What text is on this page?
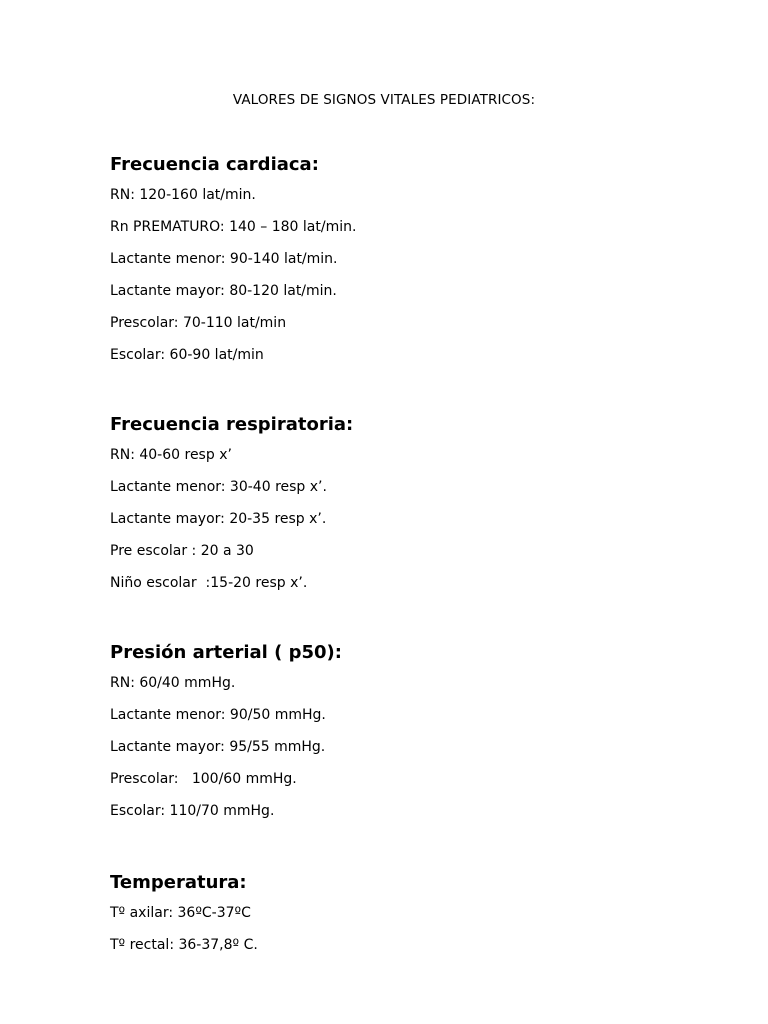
VALORES DE SIGNOS VITALES PEDIATRICOS:
Frecuencia cardiaca:
RN: 120-160 lat/min.
Rn PREMATURO: 140 – 180 lat/min.
Lactante menor: 90-140 lat/min.
Lactante mayor: 80-120 lat/min.
Prescolar: 70-110 lat/min
Escolar: 60-90 lat/min
Frecuencia respiratoria:
RN: 40-60 resp x’
Lactante menor: 30-40 resp x’.
Lactante mayor: 20-35 resp x’.
Pre escolar : 20 a 30
Niño escolar  :15-20 resp x’.
Presión arterial ( p50):
RN: 60/40 mmHg.
Lactante menor: 90/50 mmHg.
Lactante mayor: 95/55 mmHg.
Prescolar:   100/60 mmHg.
Escolar: 110/70 mmHg.
Temperatura:
Tº axilar: 36ºC-37ºC
Tº rectal: 36-37,8º C.
